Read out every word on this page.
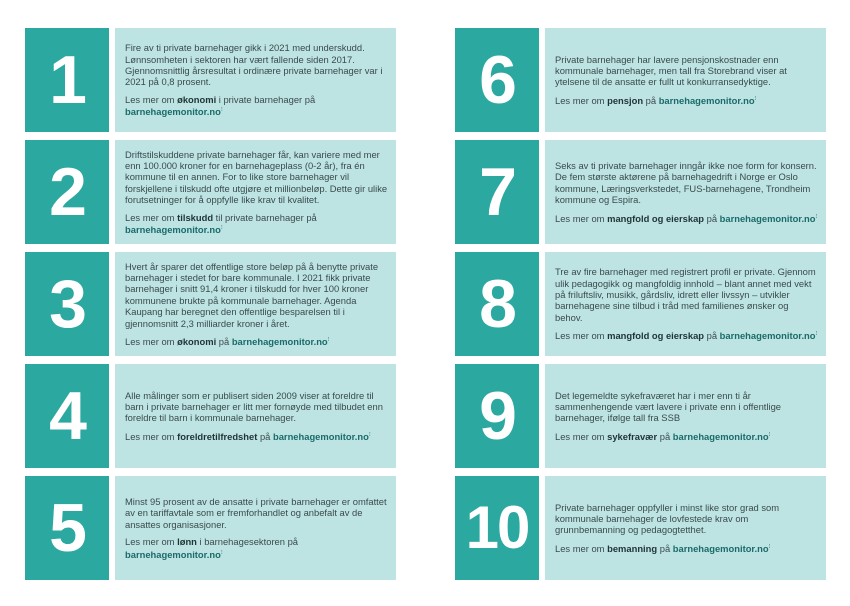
1	Fire av ti private barnehager gikk i 2021 med underskudd. Lønnsomheten i sektoren har vært fallende siden 2017. Gjennomsnittlig årsresultat i ordinære private barnehager var i 2021 på 0,8 prosent.

Les mer om økonomi i private barnehager på barnehagemonitor.no⁝

2	Driftstilskuddene private barnehager får, kan variere med mer enn 100.000 kroner for en barnehageplass (0-2 år), fra én kommune til en annen. For to like store barnehager vil forskjellene i tilskudd ofte utgjøre et millionbeløp. Dette gir ulike forutsetninger for å oppfylle like krav til kvalitet.

Les mer om tilskudd til private barnehager på barnehagemonitor.no⁝

3	Hvert år sparer det offentlige store beløp på å benytte private barnehager i stedet for bare kommunale. I 2021 fikk private barnehager i snitt 91,4 kroner i tilskudd for hver 100 kroner kommunene brukte på kommunale barnehager. Agenda Kaupang har beregnet den offentlige besparelsen til i gjennomsnitt 2,3 milliarder kroner i året.

Les mer om økonomi på barnehagemonitor.no⁝

4	Alle målinger som er publisert siden 2009 viser at foreldre til barn i private barnehager er litt mer fornøyde med tilbudet enn foreldre til barn i kommunale barnehager.

Les mer om foreldretilfredshet på barnehagemonitor.no⁝

5	Minst 95 prosent av de ansatte i private barnehager er omfattet av en tariffavtale som er fremforhandlet og anbefalt av de ansattes organisasjoner.

Les mer om lønn i barnehagesektoren på barnehagemonitor.no⁝

6	Private barnehager har lavere pensjonskostnader enn kommunale barnehager, men tall fra Storebrand viser at ytelsene til de ansatte er fullt ut konkurransedyktige.

Les mer om pensjon på barnehagemonitor.no⁝

7	Seks av ti private barnehager inngår ikke noe form for konsern. De fem største aktørene på barnehagedrift i Norge er Oslo kommune, Læringsverkstedet, FUS-barnehagene, Trondheim kommune og Espira.

Les mer om mangfold og eierskap på barnehagemonitor.no⁝

8	Tre av fire barnehager med registrert profil er private. Gjennom ulik pedagogikk og mangfoldig innhold – blant annet med vekt på friluftsliv, musikk, gårdsliv, idrett eller livssyn – utvikler barnehagene sine tilbud i tråd med familienes ønsker og behov.

Les mer om mangfold og eierskap på barnehagemonitor.no⁝

9	Det legemeldte sykefraværet har i mer enn ti år sammenhengende vært lavere i private enn i offentlige barnehager, ifølge tall fra SSB

Les mer om sykefravær på barnehagemonitor.no⁝

10	Private barnehager oppfyller i minst like stor grad som kommunale barnehager de lovfestede krav om grunnbemanning og pedagogtetthet.

Les mer om bemanning på barnehagemonitor.no⁝
